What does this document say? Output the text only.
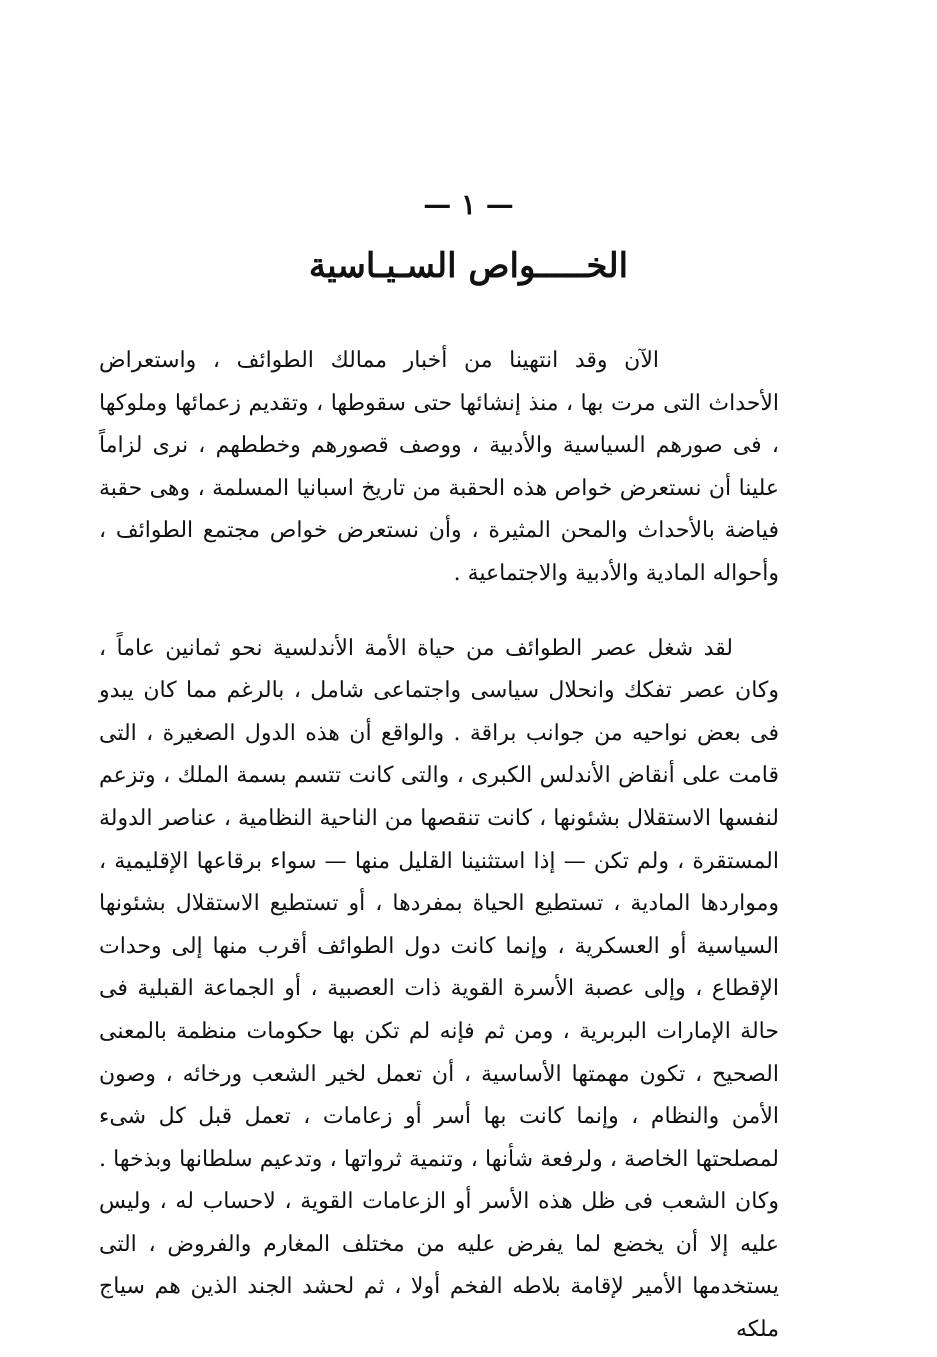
— ١ —
الخـــــواص السـيـاسية

الآن وقد انتهينا من أخبار ممالك الطوائف ، واستعراض الأحداث التى مرت بها ، منذ إنشائها حتى سقوطها ، وتقديم زعمائها وملوكها ، فى صورهم السياسية والأدبية ، ووصف قصورهم وخططهم ، نرى لزاماً علينا أن نستعرض خواص هذه الحقبة من تاريخ اسبانيا المسلمة ، وهى حقبة فياضة بالأحداث والمحن المثيرة ، وأن نستعرض خواص مجتمع الطوائف ، وأحواله المادية والأدبية والاجتماعية .

لقد شغل عصر الطوائف من حياة الأمة الأندلسية نحو ثمانين عاماً ، وكان عصر تفكك وانحلال سياسى واجتماعى شامل ، بالرغم مما كان يبدو فى بعض نواحيه من جوانب براقة . والواقع أن هذه الدول الصغيرة ، التى قامت على أنقاض الأندلس الكبرى ، والتى كانت تتسم بسمة الملك ، وتزعم لنفسها الاستقلال بشئونها ، كانت تنقصها من الناحية النظامية ، عناصر الدولة المستقرة ، ولم تكن — إذا استثنينا القليل منها — سواء برقاعها الإقليمية ، ومواردها المادية ، تستطيع الحياة بمفردها ، أو تستطيع الاستقلال بشئونها السياسية أو العسكرية ، وإنما كانت دول الطوائف أقرب منها إلى وحدات الإقطاع ، وإلى عصبة الأسرة القوية ذات العصبية ، أو الجماعة القبلية فى حالة الإمارات البربرية ، ومن ثم فإنه لم تكن بها حكومات منظمة بالمعنى الصحيح ، تكون مهمتها الأساسية ، أن تعمل لخير الشعب ورخائه ، وصون الأمن والنظام ، وإنما كانت بها أسر أو زعامات ، تعمل قبل كل شىء لمصلحتها الخاصة ، ولرفعة شأنها ، وتنمية ثرواتها ، وتدعيم سلطانها وبذخها . وكان الشعب فى ظل هذه الأسر أو الزعامات القوية ، لاحساب له ، وليس عليه إلا أن يخضع لما يفرض عليه من مختلف المغارم والفروض ، التى يستخدمها الأمير لإقامة بلاطه الفخم أولا ، ثم لحشد الجند الذين هم سياج ملكه
